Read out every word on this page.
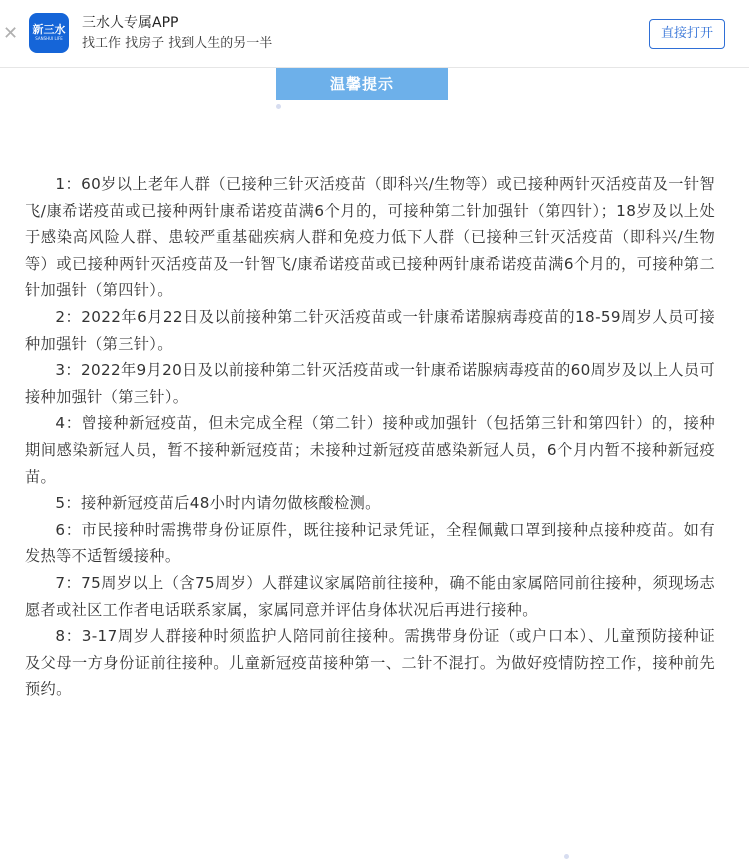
✕ 新三水
SANSHUI LIFE
三水人专属APP
找工作 找房子 找到人生的另一半
直接打开
温馨提示

1：60岁以上老年人群（已接种三针灭活疫苗（即科兴/生物等）或已接种两针灭活疫苗及一针智飞/康希诺疫苗或已接种两针康希诺疫苗满6个月的，可接种第二针加强针（第四针）；18岁及以上处于感染高风险人群、患较严重基础疾病人群和免疫力低下人群（已接种三针灭活疫苗（即科兴/生物等）或已接种两针灭活疫苗及一针智飞/康希诺疫苗或已接种两针康希诺疫苗满6个月的，可接种第二针加强针（第四针）。

2：2022年6月22日及以前接种第二针灭活疫苗或一针康希诺腺病毒疫苗的18-59周岁人员可接种加强针（第三针）。

3：2022年9月20日及以前接种第二针灭活疫苗或一针康希诺腺病毒疫苗的60周岁及以上人员可接种加强针（第三针）。

4：曾接种新冠疫苗，但未完成全程（第二针）接种或加强针（包括第三针和第四针）的，接种期间感染新冠人员，暂不接种新冠疫苗；未接种过新冠疫苗感染新冠人员，6个月内暂不接种新冠疫苗。

5：接种新冠疫苗后48小时内请勿做核酸检测。

6：市民接种时需携带身份证原件，既往接种记录凭证，全程佩戴口罩到接种点接种疫苗。如有发热等不适暂缓接种。

7：75周岁以上（含75周岁）人群建议家属陪前往接种，确不能由家属陪同前往接种，须现场志愿者或社区工作者电话联系家属，家属同意并评估身体状况后再进行接种。

8：3-17周岁人群接种时须监护人陪同前往接种。需携带身份证（或户口本）、儿童预防接种证及父母一方身份证前往接种。儿童新冠疫苗接种第一、二针不混打。为做好疫情防控工作，接种前先预约。
